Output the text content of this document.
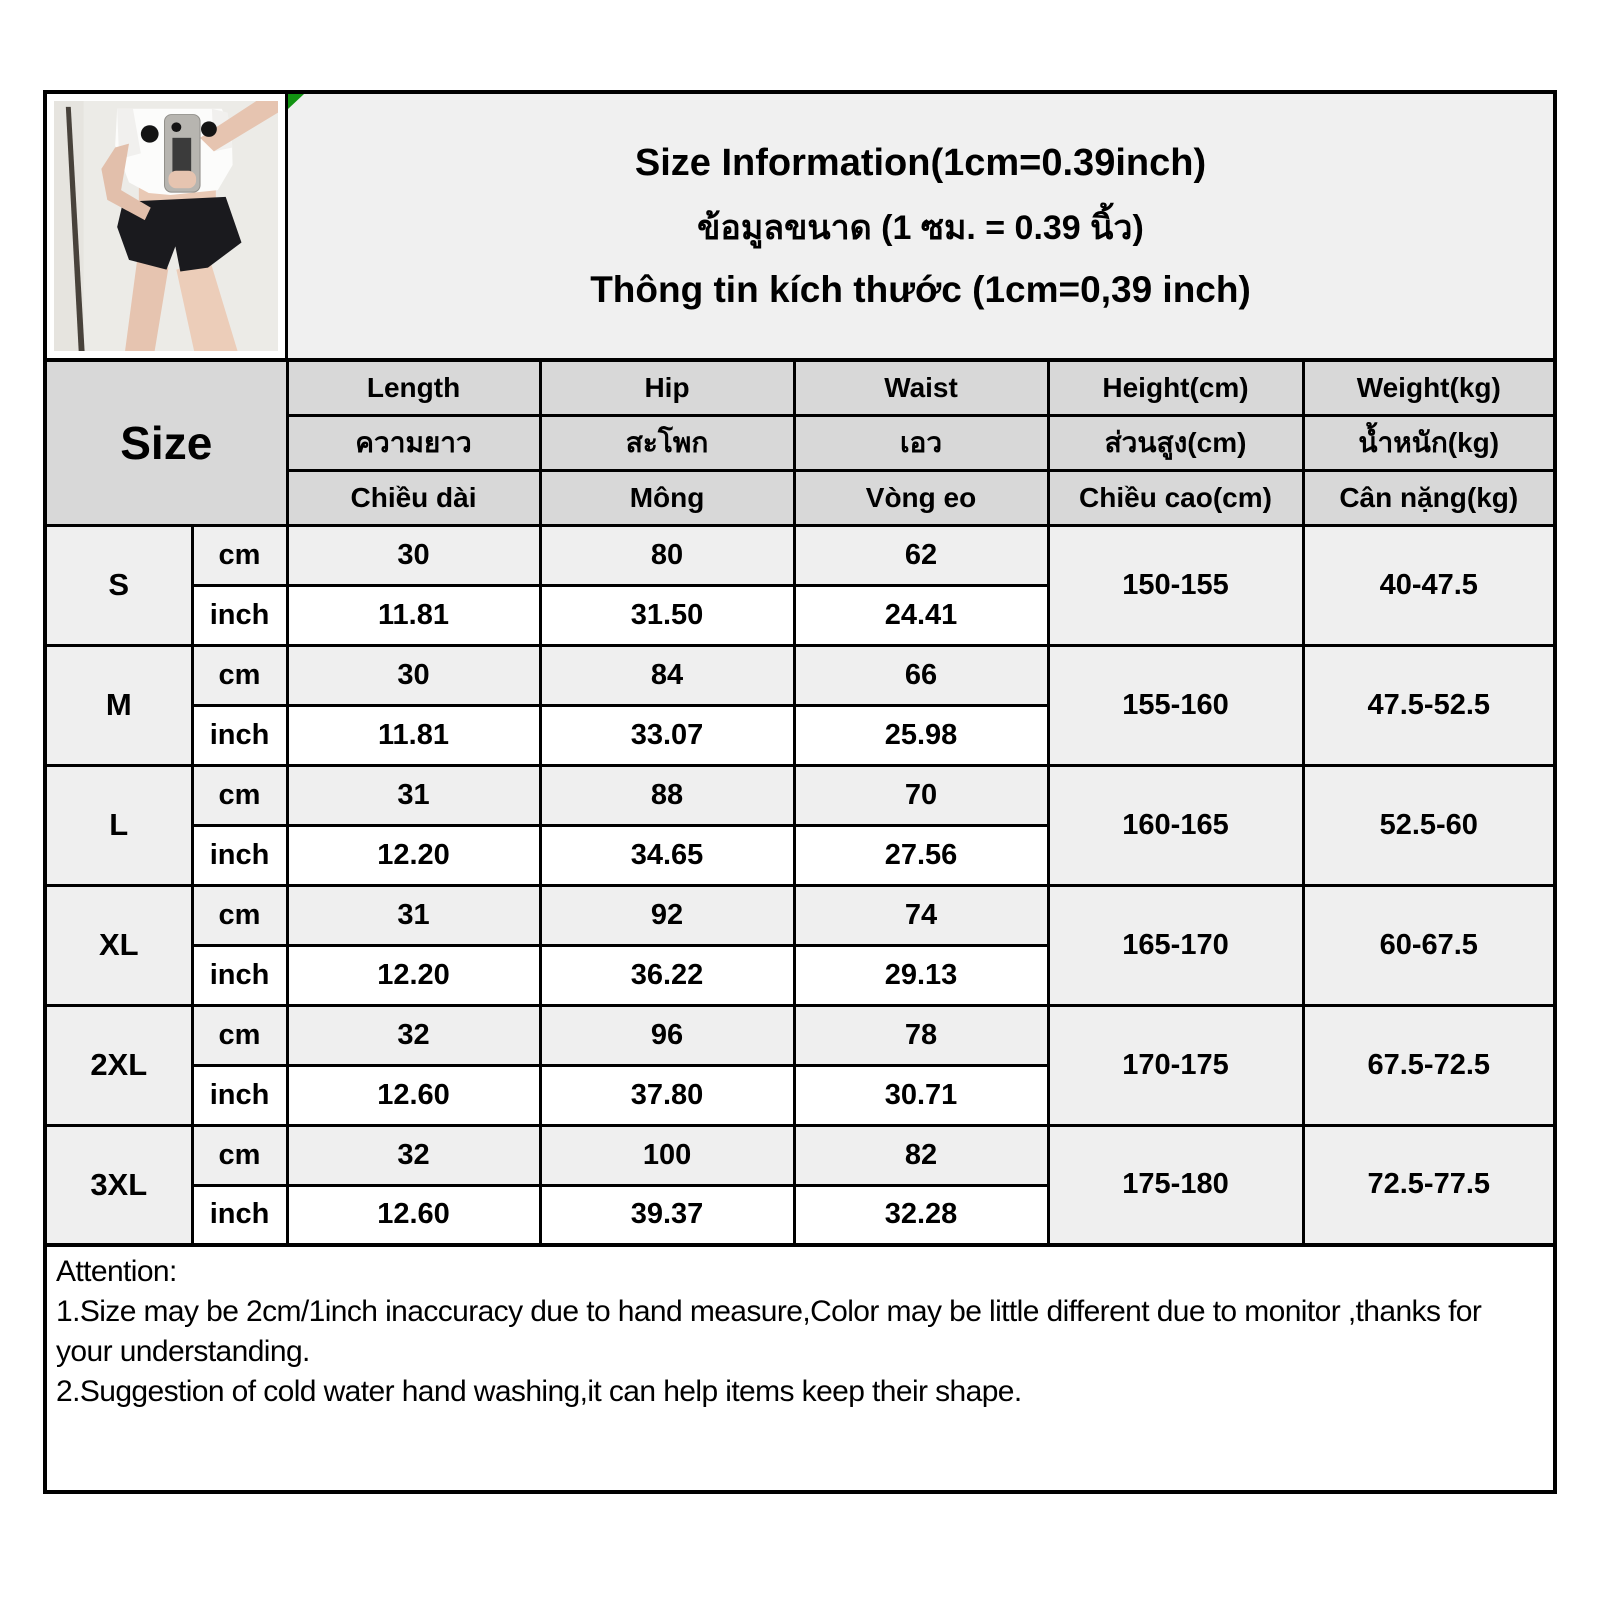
Size Information(1cm=0.39inch)
ข้อมูลขนาด (1 ซม. = 0.39 นิ้ว)
Thông tin kích thước (1cm=0,39 inch)
Size		Length	Hip	Waist	Height(cm)	Weight(kg)
		ความยาว	สะโพก	เอว	ส่วนสูง(cm)	น้ำหนัก(kg)
		Chiều dài	Mông	Vòng eo	Chiều cao(cm)	Cân nặng(kg)
S	cm	30	80	62	150-155	40-47.5
	inch	11.81	31.50	24.41		
M	cm	30	84	66	155-160	47.5-52.5
	inch	11.81	33.07	25.98		
L	cm	31	88	70	160-165	52.5-60
	inch	12.20	34.65	27.56		
XL	cm	31	92	74	165-170	60-67.5
	inch	12.20	36.22	29.13		
2XL	cm	32	96	78	170-175	67.5-72.5
	inch	12.60	37.80	30.71		
3XL	cm	32	100	82	175-180	72.5-77.5
	inch	12.60	39.37	32.28		

Attention:

1.Size may be 2cm/1inch inaccuracy due to hand measure,Color may be little different due to monitor ,thanks for your understanding.

2.Suggestion of cold water hand washing,it can help items keep their shape.
